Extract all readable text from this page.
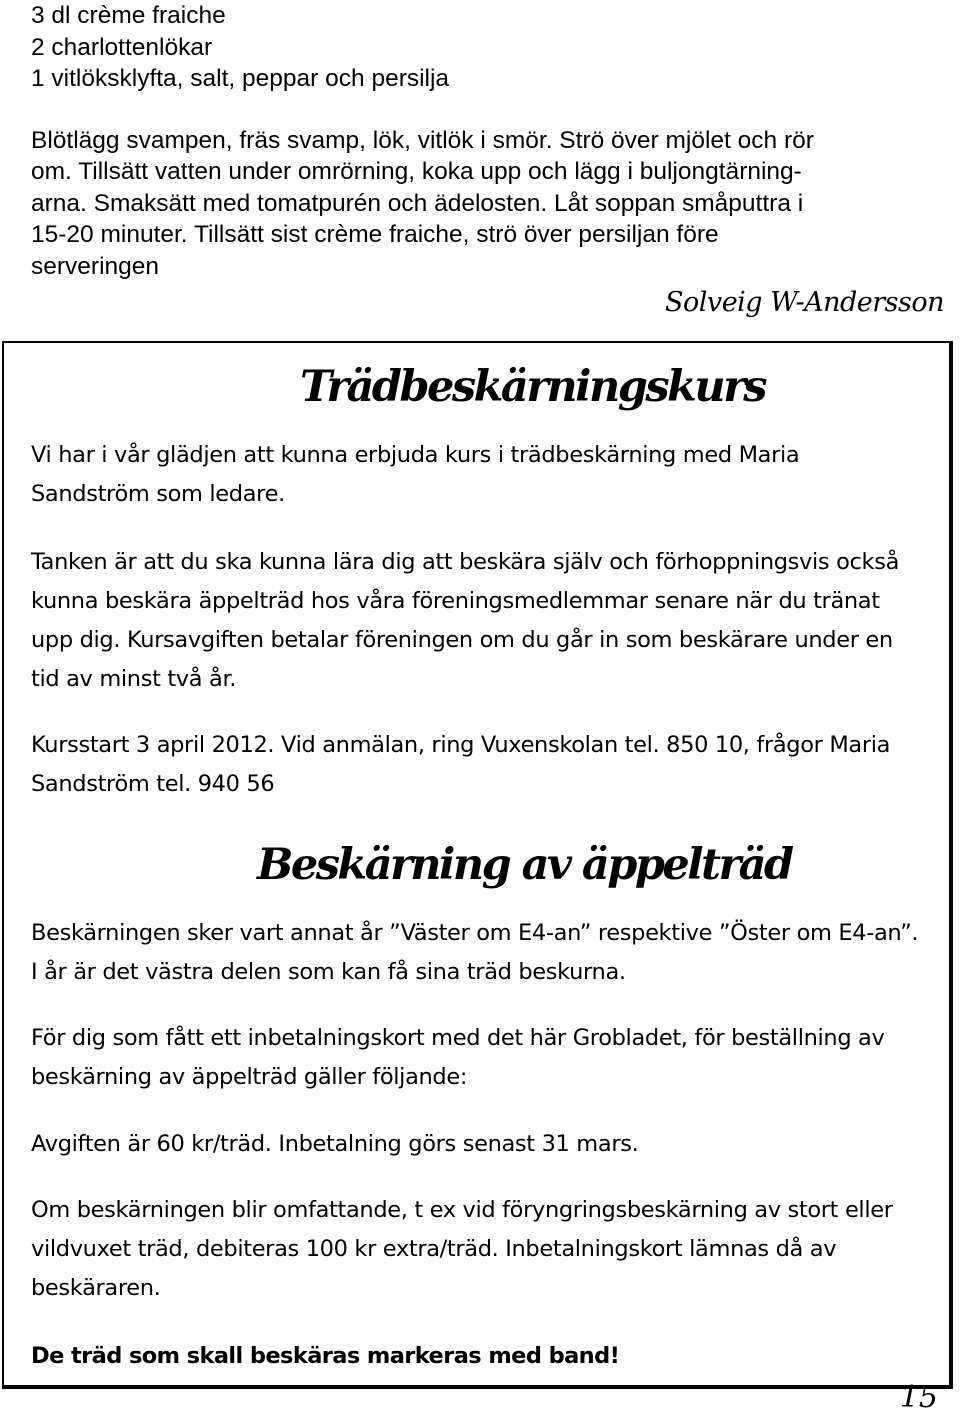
3 dl crème fraiche
2 charlottenlökar
1 vitlöksklyfta, salt, peppar och persilja
Blötlägg svampen, fräs svamp, lök, vitlök i smör. Strö över mjölet och rör
om. Tillsätt vatten under omrörning, koka upp och lägg i buljongtärning-
arna. Smaksätt med tomatpurén och ädelosten. Låt soppan småputtra i
15-20 minuter. Tillsätt sist crème fraiche, strö över persiljan före
serveringen
Solveig W-Andersson
Trädbeskärningskurs
Vi har i vår glädjen att kunna erbjuda kurs i trädbeskärning med Maria
Sandström som ledare.
Tanken är att du ska kunna lära dig att beskära själv och förhoppningsvis också
kunna beskära äppelträd hos våra föreningsmedlemmar senare när du tränat
upp dig. Kursavgiften betalar föreningen om du går in som beskärare under en
tid av minst två år.
Kursstart 3 april 2012. Vid anmälan, ring Vuxenskolan tel. 850 10, frågor Maria
Sandström tel. 940 56
Beskärning av äppelträd
Beskärningen sker vart annat år ”Väster om E4-an” respektive ”Öster om E4-an”.
I år är det västra delen som kan få sina träd beskurna.
För dig som fått ett inbetalningskort med det här Grobladet, för beställning av
beskärning av äppelträd gäller följande:
Avgiften är 60 kr/träd. Inbetalning görs senast 31 mars.
Om beskärningen blir omfattande, t ex vid föryngringsbeskärning av stort eller
vildvuxet träd, debiteras 100 kr extra/träd. Inbetalningskort lämnas då av
beskäraren.
De träd som skall beskäras markeras med band!
15
